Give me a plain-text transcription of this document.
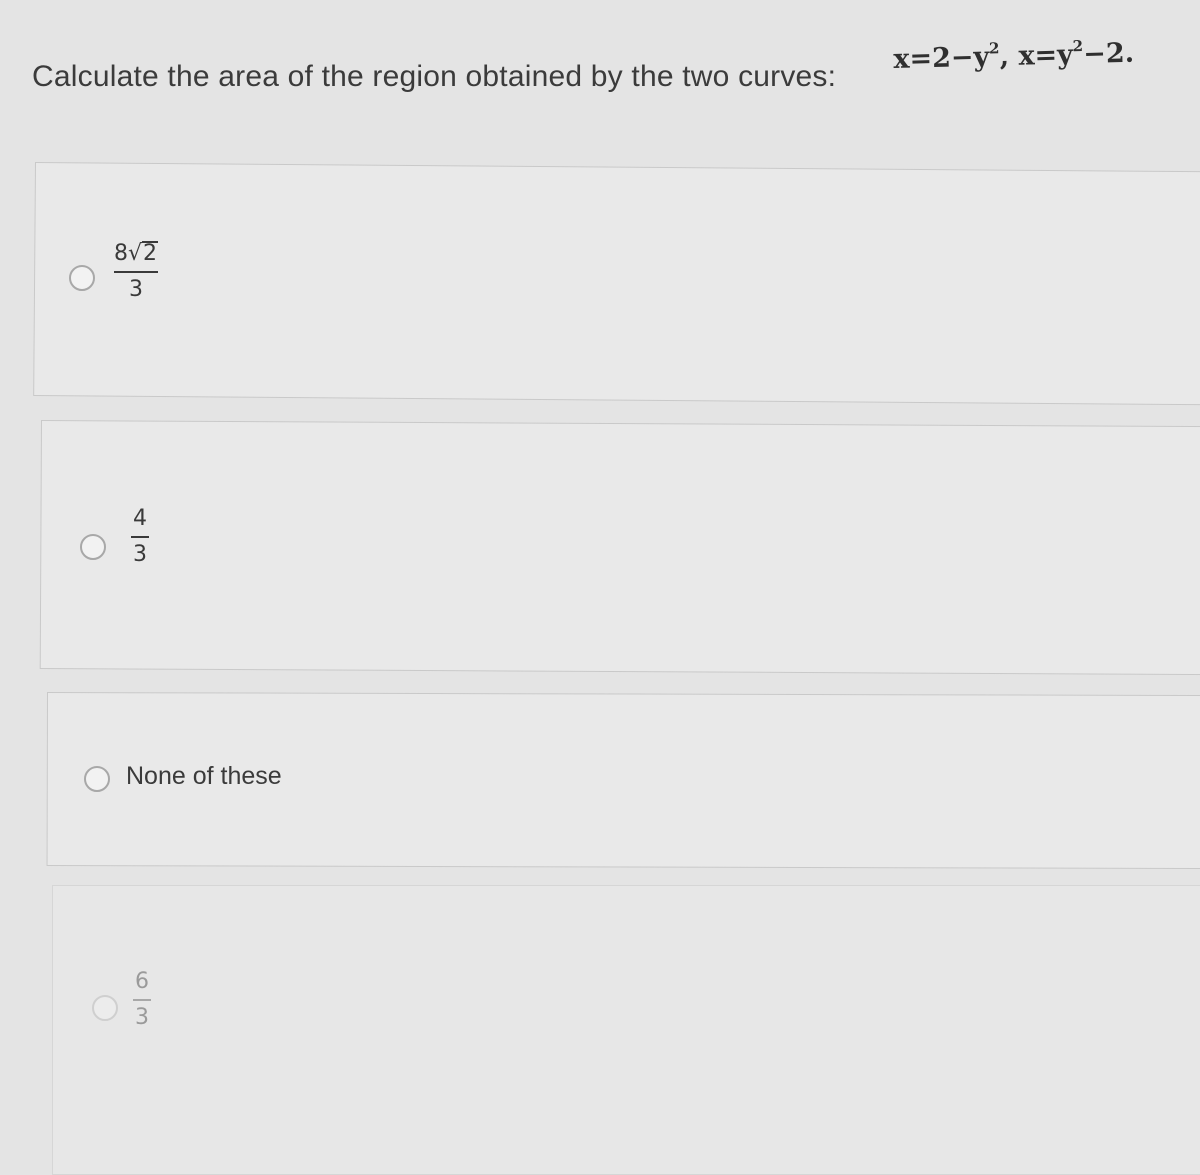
Calculate the area of the region obtained by the two curves:
$x=2-y^2$, $x=y^2-2$.
8√2
3
4
3
None of these
6
3
